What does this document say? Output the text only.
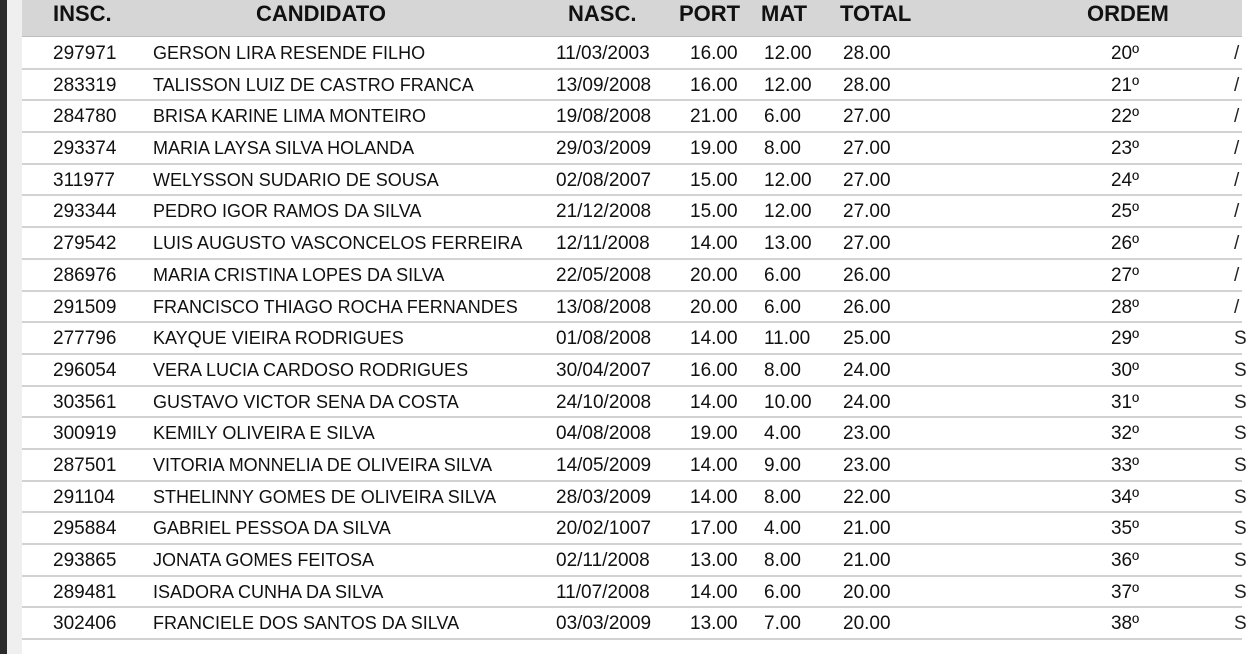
INSC.	CANDIDATO	NASC. PORT MAT TOTAL	ORDEM
297971 GERSON LIRA RESENDE FILHO	11/03/2003 16.00 12.00 28.00	20º	/
283319 TALISSON LUIZ DE CASTRO FRANCA	13/09/2008 16.00 12.00 28.00	21º	/
284780 BRISA KARINE LIMA MONTEIRO	19/08/2008 21.00 6.00 27.00	22º	/
293374 MARIA LAYSA SILVA HOLANDA	29/03/2009 19.00 8.00 27.00	23º	/
311977 WELYSSON SUDARIO DE SOUSA	02/08/2007 15.00 12.00 27.00	24º	/
293344 PEDRO IGOR RAMOS DA SILVA	21/12/2008 15.00 12.00 27.00	25º	/
279542 LUIS AUGUSTO VASCONCELOS FERREIRA 12/11/2008 14.00 13.00 27.00	26º	/
286976 MARIA CRISTINA LOPES DA SILVA	22/05/2008 20.00 6.00 26.00	27º	/
291509 FRANCISCO THIAGO ROCHA FERNANDES 13/08/2008 20.00 6.00 26.00	28º	/
277796 KAYQUE VIEIRA RODRIGUES	01/08/2008 14.00 11.00 25.00	29º	S
296054 VERA LUCIA CARDOSO RODRIGUES	30/04/2007 16.00 8.00 24.00	30º	S
303561 GUSTAVO VICTOR SENA DA COSTA	24/10/2008 14.00 10.00 24.00	31º	S
300919 KEMILY OLIVEIRA E SILVA	04/08/2008 19.00 4.00 23.00	32º	S
287501 VITORIA MONNELIA DE OLIVEIRA SILVA	14/05/2009 14.00 9.00 23.00	33º	S
291104 STHELINNY GOMES DE OLIVEIRA SILVA	28/03/2009 14.00 8.00 22.00	34º	S
295884 GABRIEL PESSOA DA SILVA	20/02/1007 17.00 4.00 21.00	35º	S
293865 JONATA GOMES FEITOSA	02/11/2008 13.00 8.00 21.00	36º	S
289481 ISADORA CUNHA DA SILVA	11/07/2008 14.00 6.00 20.00	37º	S
302406 FRANCIELE DOS SANTOS DA SILVA	03/03/2009 13.00 7.00 20.00	38º	S
